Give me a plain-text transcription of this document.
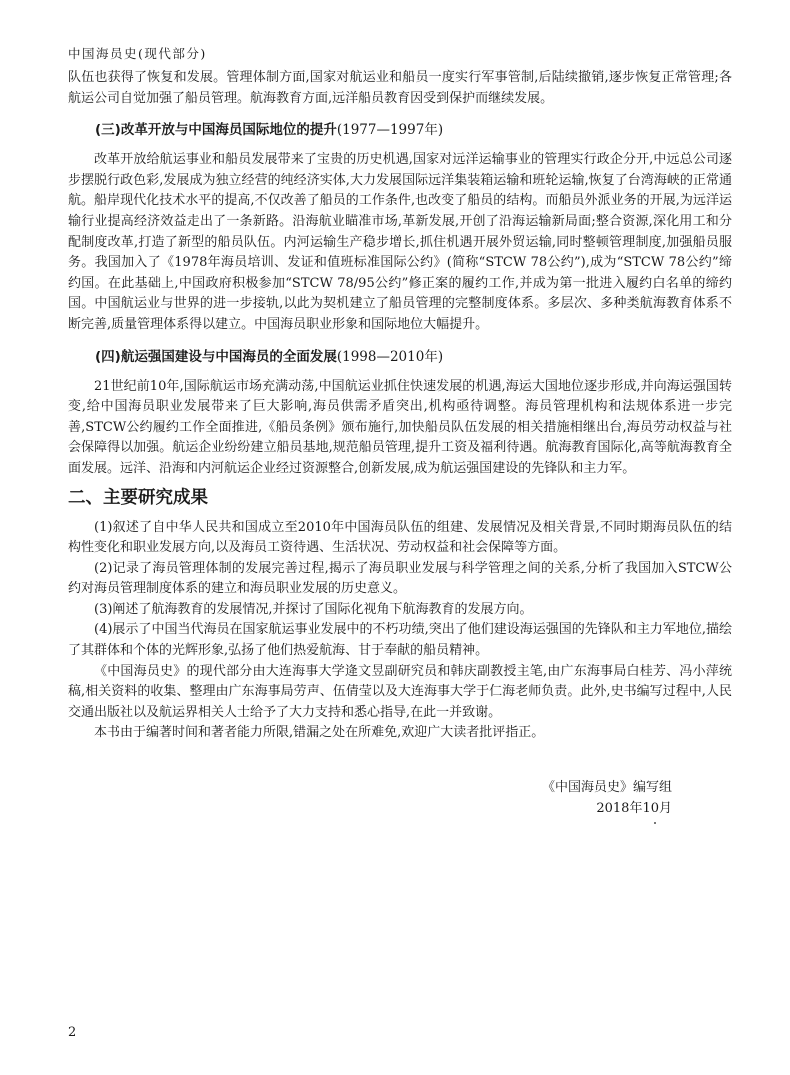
中国海员史(现代部分)

队伍也获得了恢复和发展。管理体制方面,国家对航运业和船员一度实行军事管制,后陆续撤销,逐步恢复正常管理;各航运公司自觉加强了船员管理。航海教育方面,远洋船员教育因受到保护而继续发展。

(三)改革开放与中国海员国际地位的提升(1977—1997年)

改革开放给航运事业和船员发展带来了宝贵的历史机遇,国家对远洋运输事业的管理实行政企分开,中远总公司逐步摆脱行政色彩,发展成为独立经营的纯经济实体,大力发展国际远洋集装箱运输和班轮运输,恢复了台湾海峡的正常通航。船岸现代化技术水平的提高,不仅改善了船员的工作条件,也改变了船员的结构。而船员外派业务的开展,为远洋运输行业提高经济效益走出了一条新路。沿海航业瞄准市场,革新发展,开创了沿海运输新局面;整合资源,深化用工和分配制度改革,打造了新型的船员队伍。内河运输生产稳步增长,抓住机遇开展外贸运输,同时整顿管理制度,加强船员服务。我国加入了《1978年海员培训、发证和值班标准国际公约》(简称“STCW 78公约”),成为“STCW 78公约”缔约国。在此基础上,中国政府积极参加“STCW 78/95公约”修正案的履约工作,并成为第一批进入履约白名单的缔约国。中国航运业与世界的进一步接轨,以此为契机建立了船员管理的完整制度体系。多层次、多种类航海教育体系不断完善,质量管理体系得以建立。中国海员职业形象和国际地位大幅提升。

(四)航运强国建设与中国海员的全面发展(1998—2010年)

21世纪前10年,国际航运市场充满动荡,中国航运业抓住快速发展的机遇,海运大国地位逐步形成,并向海运强国转变,给中国海员职业发展带来了巨大影响,海员供需矛盾突出,机构亟待调整。海员管理机构和法规体系进一步完善,STCW公约履约工作全面推进,《船员条例》颁布施行,加快船员队伍发展的相关措施相继出台,海员劳动权益与社会保障得以加强。航运企业纷纷建立船员基地,规范船员管理,提升工资及福利待遇。航海教育国际化,高等航海教育全面发展。远洋、沿海和内河航运企业经过资源整合,创新发展,成为航运强国建设的先锋队和主力军。

二、主要研究成果

(1)叙述了自中华人民共和国成立至2010年中国海员队伍的组建、发展情况及相关背景,不同时期海员队伍的结构性变化和职业发展方向,以及海员工资待遇、生活状况、劳动权益和社会保障等方面。

(2)记录了海员管理体制的发展完善过程,揭示了海员职业发展与科学管理之间的关系,分析了我国加入STCW公约对海员管理制度体系的建立和海员职业发展的历史意义。

(3)阐述了航海教育的发展情况,并探讨了国际化视角下航海教育的发展方向。

(4)展示了中国当代海员在国家航运事业发展中的不朽功绩,突出了他们建设海运强国的先锋队和主力军地位,描绘了其群体和个体的光辉形象,弘扬了他们热爱航海、甘于奉献的船员精神。

《中国海员史》的现代部分由大连海事大学逄文昱副研究员和韩庆副教授主笔,由广东海事局白桂芳、冯小萍统稿,相关资料的收集、整理由广东海事局劳声、伍倩莹以及大连海事大学于仁海老师负责。此外,史书编写过程中,人民交通出版社以及航运界相关人士给予了大力支持和悉心指导,在此一并致谢。

本书由于编著时间和著者能力所限,错漏之处在所难免,欢迎广大读者批评指正。

《中国海员史》编写组

2018年10月

2
